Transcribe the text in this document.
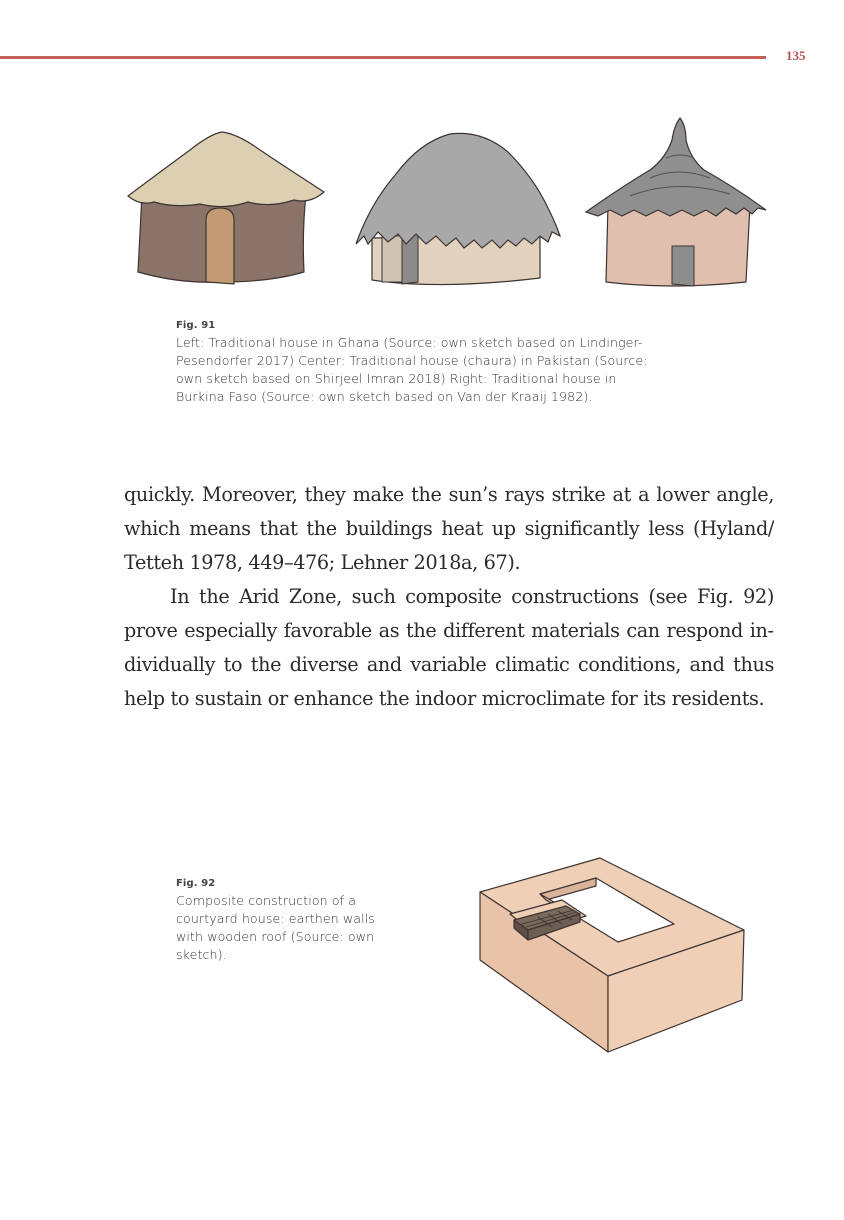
135
Fig. 91
Left: Traditional house in Ghana (Source: own sketch based on Lindinger-
Pesendorfer 2017) Center: Traditional house (chaura) in Pakistan (Source:
own sketch based on Shirjeel Imran 2018) Right: Traditional house in
Burkina Faso (Source: own sketch based on Van der Kraaij 1982).

quickly. Moreover, they make the sun’s rays strike at a lower angle, which means that the buildings heat up significantly less (Hyland/ Tetteh 1978, 449–476; Lehner 2018a, 67).

In the Arid Zone, such composite constructions (see Fig. 92) prove especially favorable as the different materials can respond individually to the diverse and variable climatic conditions, and thus help to sustain or enhance the indoor microclimate for its residents.

Fig. 92
Composite construction of a
courtyard house: earthen walls
with wooden roof (Source: own
sketch).
